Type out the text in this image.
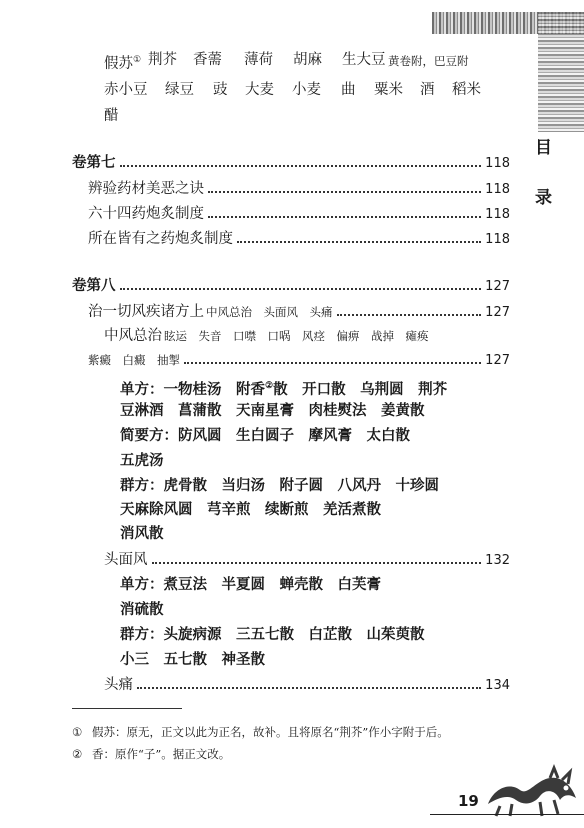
目
录
假苏① 荆芥 香薷 薄荷 胡麻 生大豆 黄卷附，巴豆附
赤小豆 绿豆 豉 大麦 小麦 曲 粟米 酒 稻米
醋
卷第七	118
辨验药材美恶之诀	118
六十四药炮炙制度	118
所在皆有之药炮炙制度	118
卷第八	127
治一切风疾诸方上 中风总治　头面风　头痛	127
中风总治 眩运　失音　口噤　口㖞　风痉　偏痹　战掉　瘫痪
紫癜　白癜　抽掣	127
单方：一物桂汤　附香②散　开口散　乌荆圆　荆芥
豆淋酒　菖蒲散　天南星膏　肉桂熨法　姜黄散
简要方：防风圆　生白圆子　摩风膏　太白散
五虎汤
群方：虎骨散　当归汤　附子圆　八风丹　十珍圆
天麻除风圆　芎辛煎　续断煎　羌活煮散
消风散
头面风	132
单方：煮豆法　半夏圆　蝉壳散　白芙膏
消硫散
群方：头旋病源　三五七散　白芷散　山茱萸散
小三　五七散　神圣散
头痛	134
① 假苏：原无，正文以此为正名，故补。且将原名“荆芥”作小字附于后。
② 香：原作“子”。据正文改。
19
